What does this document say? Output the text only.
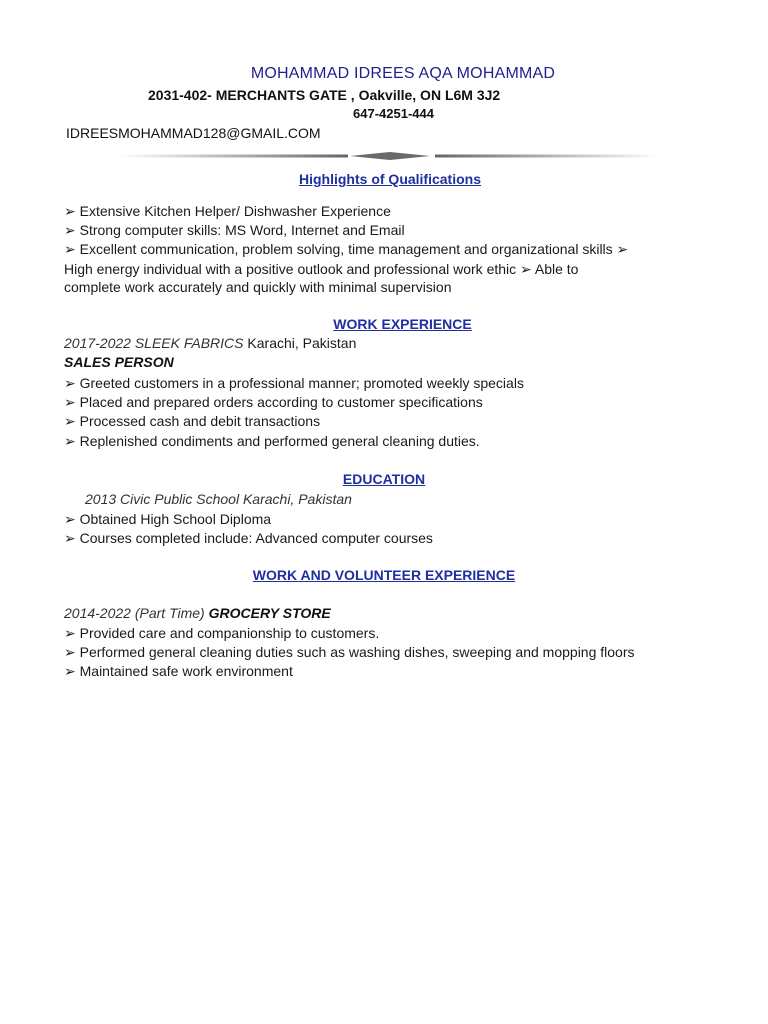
MOHAMMAD IDREES AQA MOHAMMAD
2031-402- MERCHANTS GATE , Oakville, ON L6M 3J2
647-4251-444
IDREESMOHAMMAD128@GMAIL.COM
Highlights of Qualifications
➢ Extensive Kitchen Helper/ Dishwasher Experience
➢ Strong computer skills: MS Word, Internet and Email
➢ Excellent communication, problem solving, time management and organizational skills ➢
High energy individual with a positive outlook and professional work ethic ➢ Able to
complete work accurately and quickly with minimal supervision
WORK EXPERIENCE
2017-2022 SLEEK FABRICS Karachi, Pakistan
SALES PERSON
➢ Greeted customers in a professional manner; promoted weekly specials
➢ Placed and prepared orders according to customer specifications
➢ Processed cash and debit transactions
➢ Replenished condiments and performed general cleaning duties.
EDUCATION
2013 Civic Public School Karachi, Pakistan
➢ Obtained High School Diploma
➢ Courses completed include: Advanced computer courses
WORK AND VOLUNTEER EXPERIENCE
2014-2022 (Part Time) GROCERY STORE
➢ Provided care and companionship to customers.
➢ Performed general cleaning duties such as washing dishes, sweeping and mopping floors
➢ Maintained safe work environment
